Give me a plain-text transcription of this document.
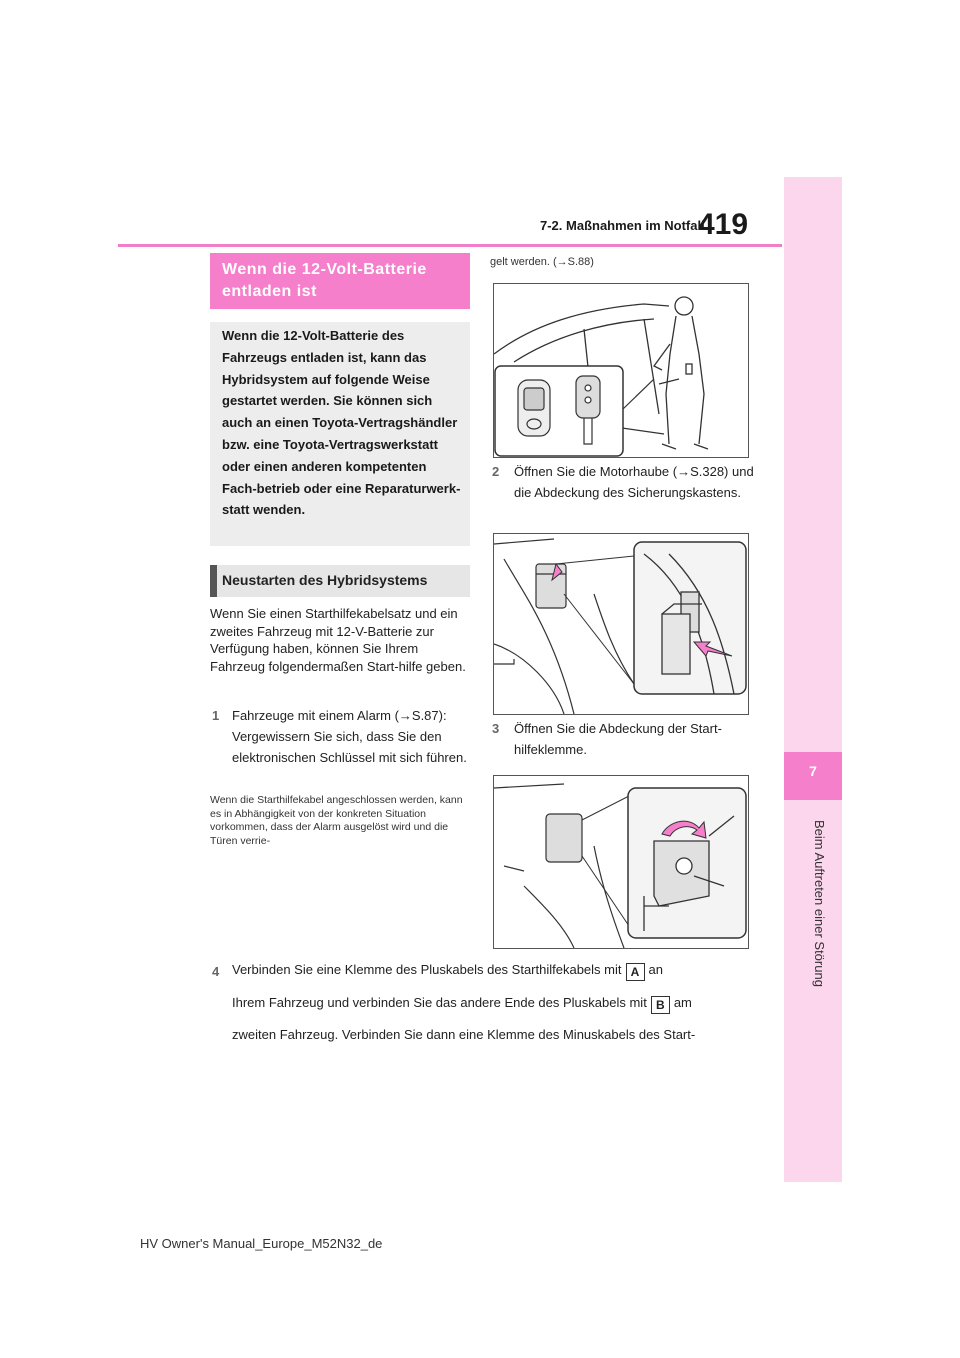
7-2. Maßnahmen im Notfall
419
7
Beim Auftreten einer Störung
Wenn die 12-Volt-Batterie entladen ist
Wenn die 12-Volt-Batterie des Fahrzeugs entladen ist, kann das Hybridsystem auf folgende Weise gestartet werden. Sie können sich auch an einen Toyota-Vertragshändler bzw. eine Toyota-Vertragswerkstatt oder einen anderen kompetenten Fach-betrieb oder eine Reparaturwerk-statt wenden.
Neustarten des Hybridsystems
Wenn Sie einen Starthilfekabelsatz und ein zweites Fahrzeug mit 12-V-Batterie zur Verfügung haben, können Sie Ihrem Fahrzeug folgendermaßen Start-hilfe geben.
1 Fahrzeuge mit einem Alarm (→S.87): Vergewissern Sie sich, dass Sie den elektronischen Schlüssel mit sich führen.
Wenn die Starthilfekabel angeschlossen werden, kann es in Abhängigkeit von der konkreten Situation vorkommen, dass der Alarm ausgelöst wird und die Türen verrie-
gelt werden. (→S.88)
2 Öffnen Sie die Motorhaube (→S.328) und die Abdeckung des Sicherungskastens.
3 Öffnen Sie die Abdeckung der Start-hilfeklemme.
4 Verbinden Sie eine Klemme des Pluskabels des Starthilfekabels mit A an
Ihrem Fahrzeug und verbinden Sie das andere Ende des Pluskabels mit B am
zweiten Fahrzeug. Verbinden Sie dann eine Klemme des Minuskabels des Start-
HV Owner's Manual_Europe_M52N32_de
